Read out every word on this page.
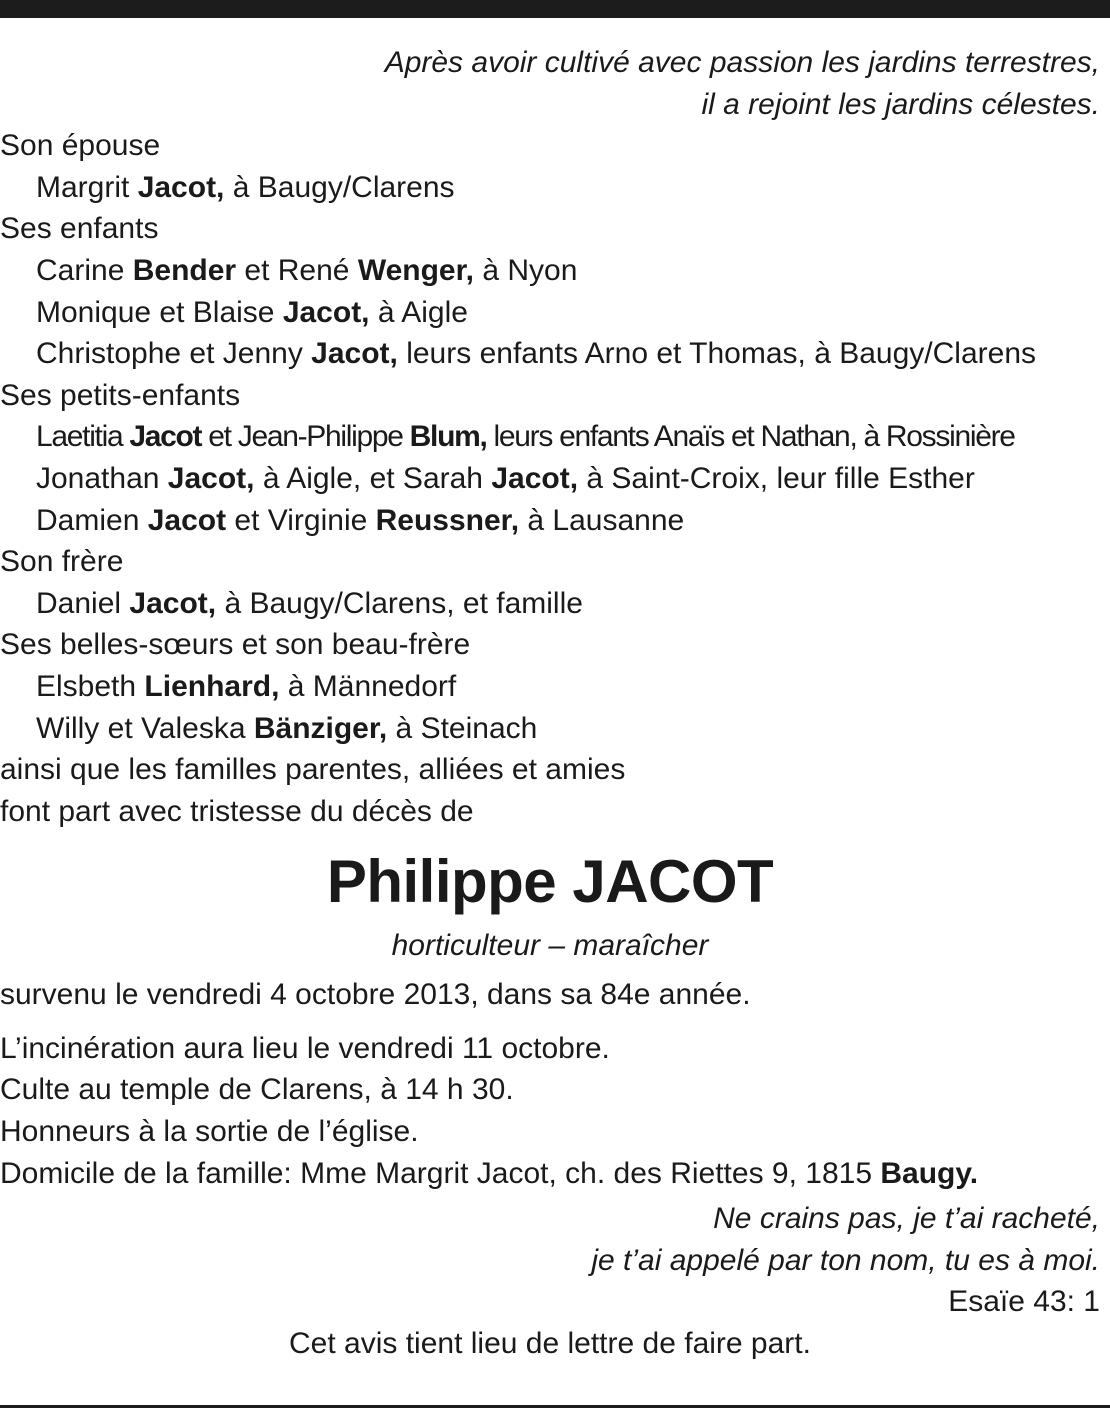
Après avoir cultivé avec passion les jardins terrestres,
il a rejoint les jardins célestes.
Son épouse
Margrit Jacot, à Baugy/Clarens
Ses enfants
Carine Bender et René Wenger, à Nyon
Monique et Blaise Jacot, à Aigle
Christophe et Jenny Jacot, leurs enfants Arno et Thomas, à Baugy/Clarens
Ses petits-enfants
Laetitia Jacot et Jean-Philippe Blum, leurs enfants Anaïs et Nathan, à Rossinière
Jonathan Jacot, à Aigle, et Sarah Jacot, à Saint-Croix, leur fille Esther
Damien Jacot et Virginie Reussner, à Lausanne
Son frère
Daniel Jacot, à Baugy/Clarens, et famille
Ses belles-sœurs et son beau-frère
Elsbeth Lienhard, à Männedorf
Willy et Valeska Bänziger, à Steinach
ainsi que les familles parentes, alliées et amies
font part avec tristesse du décès de
Philippe JACOT
horticulteur – maraîcher
survenu le vendredi 4 octobre 2013, dans sa 84e année.
L’incinération aura lieu le vendredi 11 octobre.
Culte au temple de Clarens, à 14 h 30.
Honneurs à la sortie de l’église.
Domicile de la famille: Mme Margrit Jacot, ch. des Riettes 9, 1815 Baugy.
Ne crains pas, je t’ai racheté,
je t’ai appelé par ton nom, tu es à moi.
Esaïe 43: 1
Cet avis tient lieu de lettre de faire part.
